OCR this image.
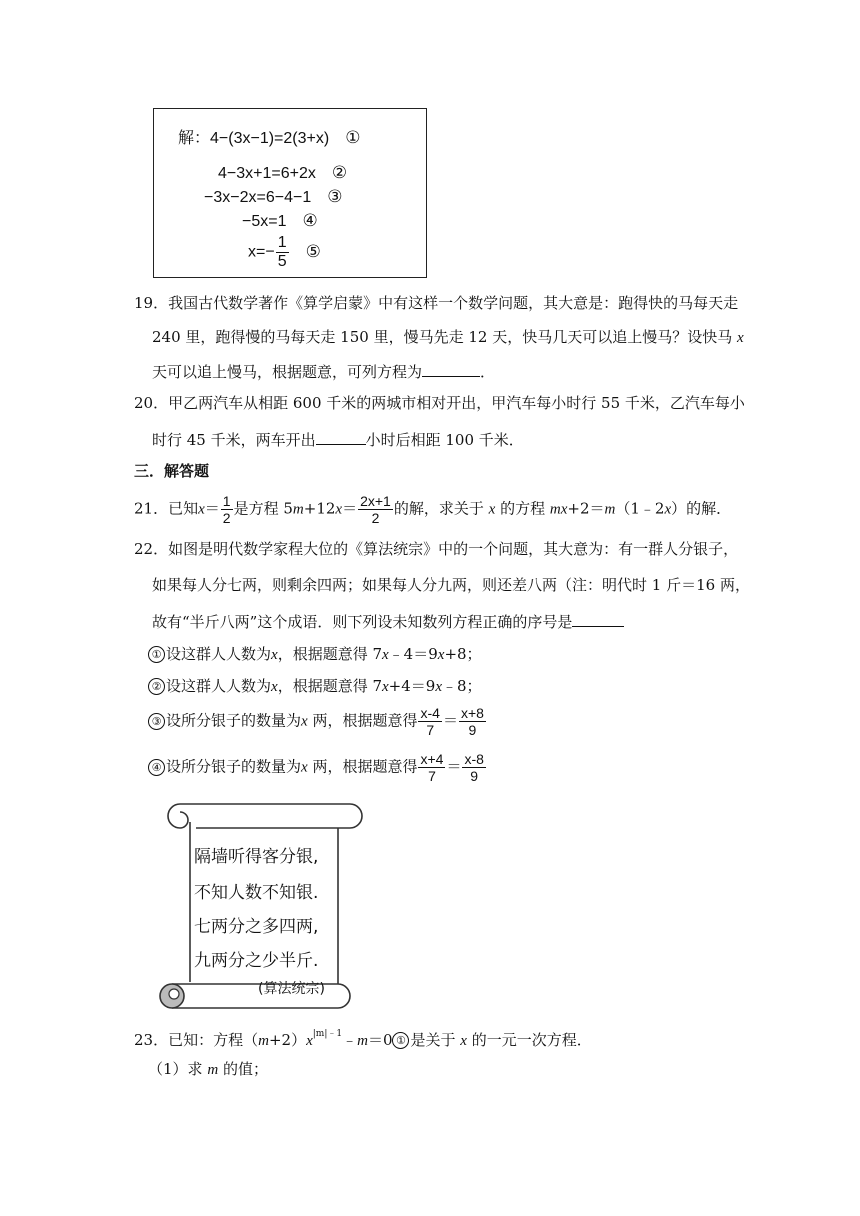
解：4−(3x−1)=2(3+x) ①
4−3x+1=6+2x ②
−3x−2x=6−4−1 ③
−5x=1 ④
$x=- \frac{1}{5}$ ⑤
19．我国古代数学著作《算学启蒙》中有这样一个数学问题，其大意是：跑得快的马每天走
240 里，跑得慢的马每天走 150 里，慢马先走 12 天，快马几天可以追上慢马？设快马 x
天可以追上慢马，根据题意，可列方程为	．
20．甲乙两汽车从相距 600 千米的两城市相对开出，甲汽车每小时行 55 千米，乙汽车每小
时行 45 千米，两车开出	小时后相距 100 千米．
三．解答题
21．已知$x= \frac{1}{2}$ 是方程 $5m+12x= \frac{2x+1}{2}$ 的解，求关于 x 的方程 mx+2＝m（1﹣2x）的解．
22．如图是明代数学家程大位的《算法统宗》中的一个问题，其大意为：有一群人分银子，
如果每人分七两，则剩余四两；如果每人分九两，则还差八两（注：明代时 1 斤＝16 两，
故有“半斤八两”这个成语．则下列设未知数列方程正确的序号是
① 设这群人人数为x，根据题意得 7x﹣4＝9x+8；
② 设这群人人数为x，根据题意得 7x+4＝9x﹣8；
③ 设所分银子的数量为x 两，根据题意得 $\frac{x-4}{7} = \frac{x+8}{9}$
④ 设所分银子的数量为x 两，根据题意得 $\frac{x+4}{7} = \frac{x-8}{9}$
隔墙听得客分银,
不知人数不知银.
七两分之多四两,
九两分之少半斤.
(算法统宗)
23．已知：方程$(m+2)x^{|m|﹣1}﹣m=0$ ① 是关于 x 的一元一次方程．
（1）求 m 的值；
